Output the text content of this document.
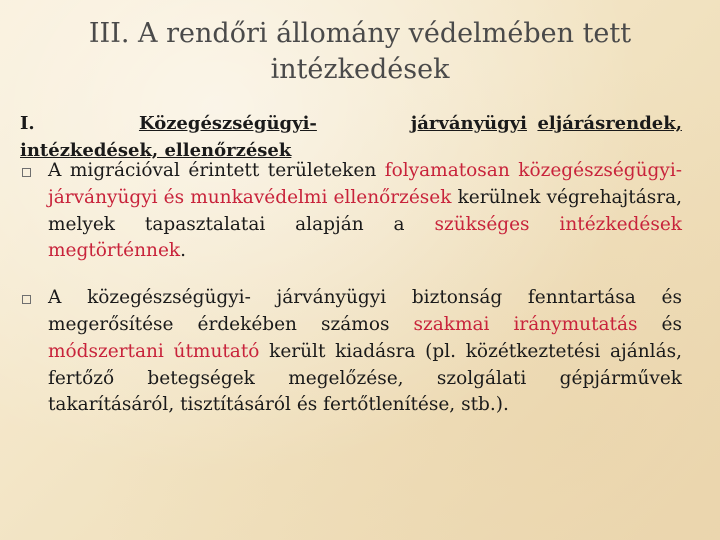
III. A rendőri állomány védelmében tett
intézkedések
I.	Közegészségügyi-	járványügyi eljárásrendek, intézkedések, ellenőrzések
A migrációval érintett területeken folyamatosan közegészségügyi- járványügyi és munkavédelmi ellenőrzések kerülnek végrehajtásra, melyek tapasztalatai alapján a szükséges intézkedések megtörténnek.
A közegészségügyi- járványügyi biztonság fenntartása és megerősítése érdekében számos szakmai iránymutatás és módszertani útmutató került kiadásra (pl. közétkeztetési ajánlás, fertőző betegségek megelőzése, szolgálati gépjárművek takarításáról, tisztításáról és fertőtlenítése, stb.).
